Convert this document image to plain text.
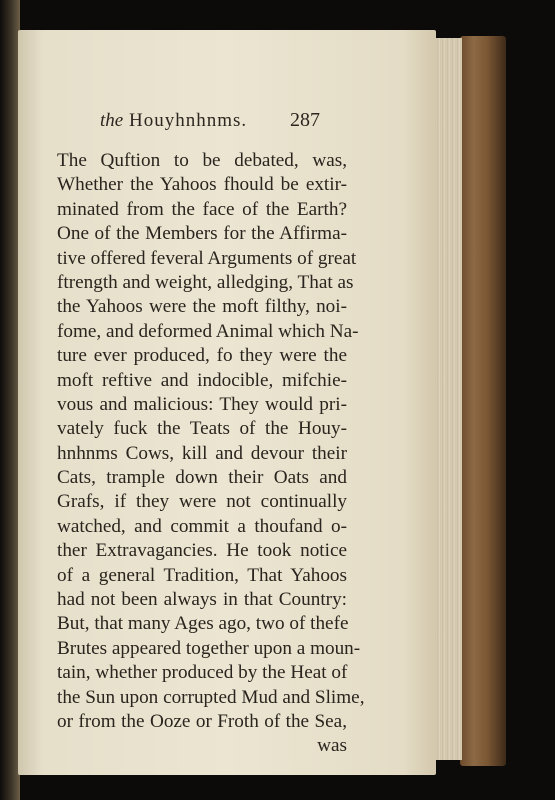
the Houyhnhnms. 287
The Quftion to be debated, was,
Whether the Yahoos fhould be extir-
minated from the face of the Earth?
One of the Members for the Affirma-
tive offered feveral Arguments of great
ftrength and weight, alledging, That as
the Yahoos were the moft filthy, noi-
fome, and deformed Animal which Na-
ture ever produced, fo they were the
moft reftive and indocible, mifchie-
vous and malicious: They would pri-
vately fuck the Teats of the Houy-
hnhnms Cows, kill and devour their
Cats, trample down their Oats and
Grafs, if they were not continually
watched, and commit a thoufand o-
ther Extravagancies. He took notice
of a general Tradition, That Yahoos
had not been always in that Country:
But, that many Ages ago, two of thefe
Brutes appeared together upon a moun-
tain, whether produced by the Heat of
the Sun upon corrupted Mud and Slime,
or from the Ooze or Froth of the Sea,
was
